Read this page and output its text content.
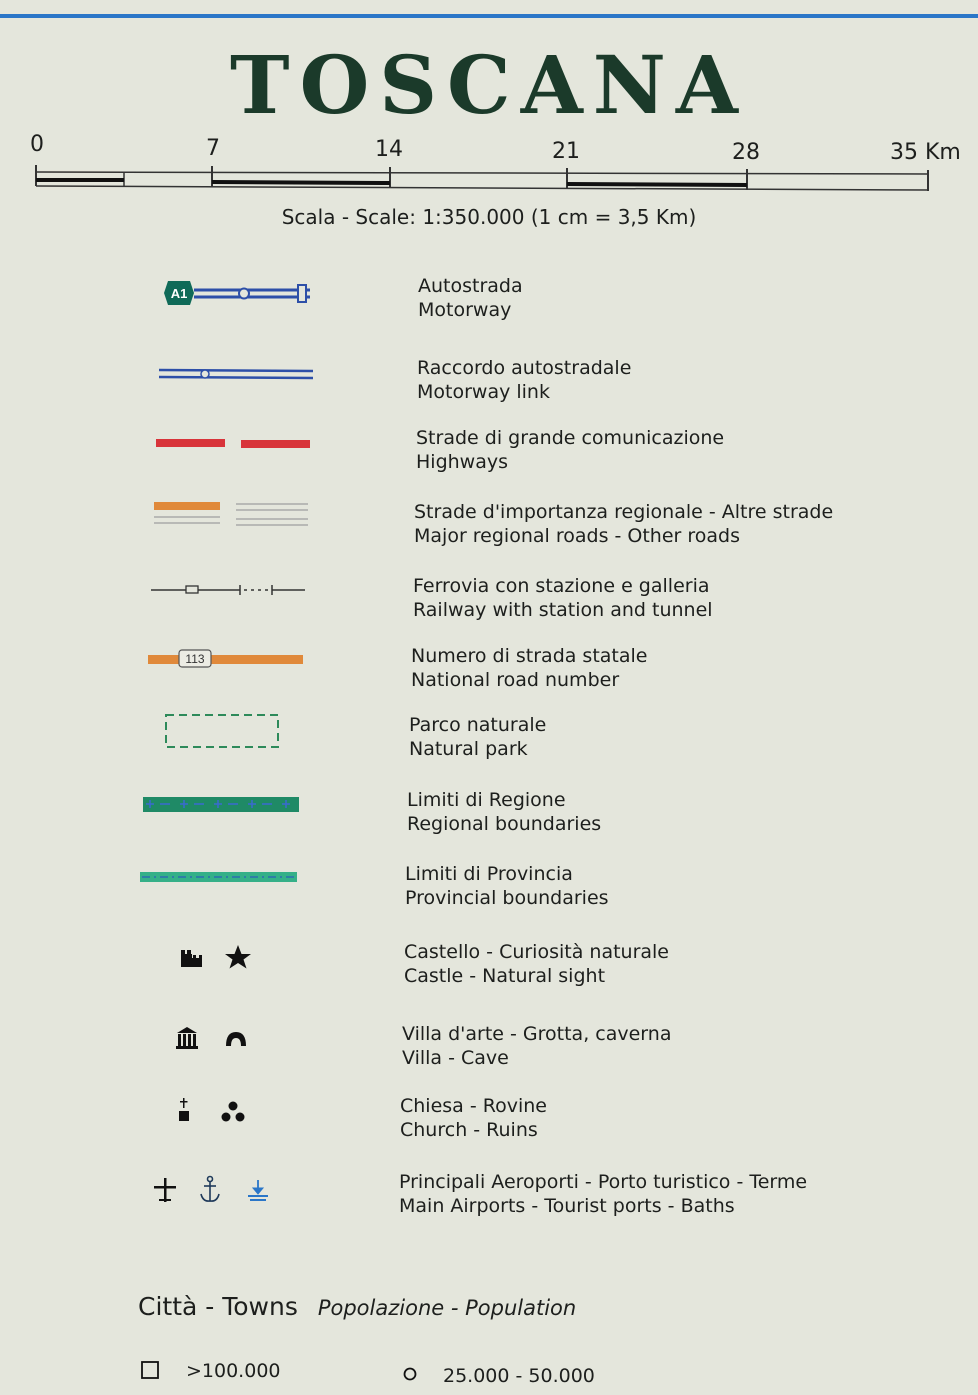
TOSCANA
0	7	14	21	28	35 Km
Scala - Scale: 1:350.000 (1 cm = 3,5 Km)
A1	Autostrada
Motorway
Raccordo autostradale
Motorway link
Strade di grande comunicazione
Highways
Strade d'importanza regionale - Altre strade
Major regional roads - Other roads
Ferrovia con stazione e galleria
Railway with station and tunnel
113	Numero di strada statale
National road number
Parco naturale
Natural park
Limiti di Regione
Regional boundaries
Limiti di Provincia
Provincial boundaries
Castello - Curiosità naturale
Castle - Natural sight
Villa d'arte - Grotta, caverna
Villa - Cave
Chiesa - Rovine
Church - Ruins
Principali Aeroporti - Porto turistico - Terme
Main Airports - Tourist ports - Baths
Città - Towns Popolazione - Population
>100.000	25.000 - 50.000
